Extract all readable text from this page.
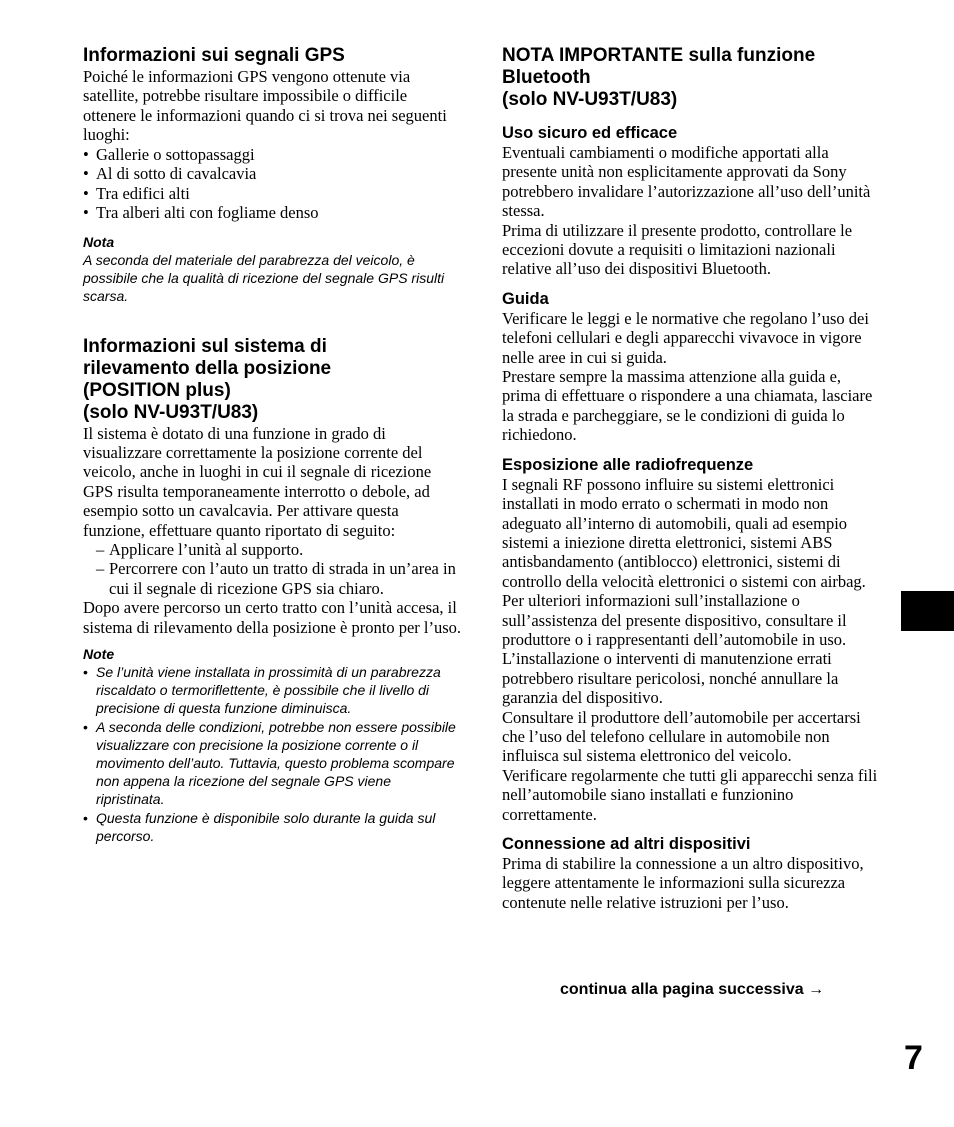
Informazioni sui segnali GPS

Poiché le informazioni GPS vengono ottenute via satellite, potrebbe risultare impossibile o difficile ottenere le informazioni quando ci si trova nei seguenti luoghi:

• Gallerie o sottopassaggi
• Al di sotto di cavalcavia
• Tra edifici alti
• Tra alberi alti con fogliame denso

Nota

A seconda del materiale del parabrezza del veicolo, è possibile che la qualità di ricezione del segnale GPS risulti scarsa.

Informazioni sul sistema di
rilevamento della posizione
(POSITION plus)
(solo NV-U93T/U83)

Il sistema è dotato di una funzione in grado di visualizzare correttamente la posizione corrente del veicolo, anche in luoghi in cui il segnale di ricezione GPS risulta temporaneamente interrotto o debole, ad esempio sotto un cavalcavia. Per attivare questa funzione, effettuare quanto riportato di seguito:

– Applicare l’unità al supporto.
– Percorrere con l’auto un tratto di strada in un’area in cui il segnale di ricezione GPS sia chiaro.

Dopo avere percorso un certo tratto con l’unità accesa, il sistema di rilevamento della posizione è pronto per l’uso.

Note

• Se l’unità viene installata in prossimità di un parabrezza riscaldato o termoriflettente, è possibile che il livello di precisione di questa funzione diminuisca.
• A seconda delle condizioni, potrebbe non essere possibile visualizzare con precisione la posizione corrente o il movimento dell’auto. Tuttavia, questo problema scompare non appena la ricezione del segnale GPS viene ripristinata.
• Questa funzione è disponibile solo durante la guida sul percorso.
NOTA IMPORTANTE sulla funzione
Bluetooth
(solo NV-U93T/U83)
Uso sicuro ed efficace

Eventuali cambiamenti o modifiche apportati alla presente unità non esplicitamente approvati da Sony potrebbero invalidare l’autorizzazione all’uso dell’unità stessa.

Prima di utilizzare il presente prodotto, controllare le eccezioni dovute a requisiti o limitazioni nazionali relative all’uso dei dispositivi Bluetooth.

Guida

Verificare le leggi e le normative che regolano l’uso dei telefoni cellulari e degli apparecchi vivavoce in vigore nelle aree in cui si guida.

Prestare sempre la massima attenzione alla guida e, prima di effettuare o rispondere a una chiamata, lasciare la strada e parcheggiare, se le condizioni di guida lo richiedono.

Esposizione alle radiofrequenze

I segnali RF possono influire su sistemi elettronici installati in modo errato o schermati in modo non adeguato all’interno di automobili, quali ad esempio sistemi a iniezione diretta elettronici, sistemi ABS antisbandamento (antiblocco) elettronici, sistemi di controllo della velocità elettronici o sistemi con airbag. Per ulteriori informazioni sull’installazione o sull’assistenza del presente dispositivo, consultare il produttore o i rappresentanti dell’automobile in uso. L’installazione o interventi di manutenzione errati potrebbero risultare pericolosi, nonché annullare la garanzia del dispositivo.

Consultare il produttore dell’automobile per accertarsi che l’uso del telefono cellulare in automobile non influisca sul sistema elettronico del veicolo.

Verificare regolarmente che tutti gli apparecchi senza fili nell’automobile siano installati e funzionino correttamente.

Connessione ad altri dispositivi

Prima di stabilire la connessione a un altro dispositivo, leggere attentamente le informazioni sulla sicurezza contenute nelle relative istruzioni per l’uso.

continua alla pagina successiva →
7
